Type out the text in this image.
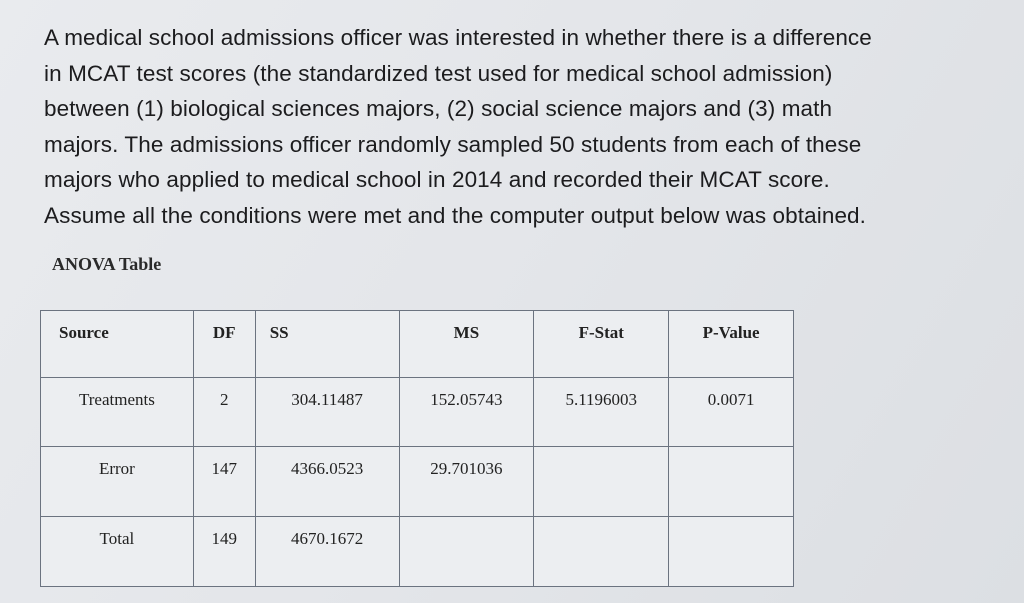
A medical school admissions officer was interested in whether there is a difference
in MCAT test scores (the standardized test used for medical school admission)
between (1) biological sciences majors, (2) social science majors and (3) math
majors. The admissions officer randomly sampled 50 students from each of these
majors who applied to medical school in 2014 and recorded their MCAT score.
Assume all the conditions were met and the computer output below was obtained.
ANOVA Table
Source	DF	SS	MS	F-Stat	P-Value
Treatments	2	304.11487	152.05743	5.1196003	0.0071
Error	147	4366.0523	29.701036		
Total	149	4670.1672			
